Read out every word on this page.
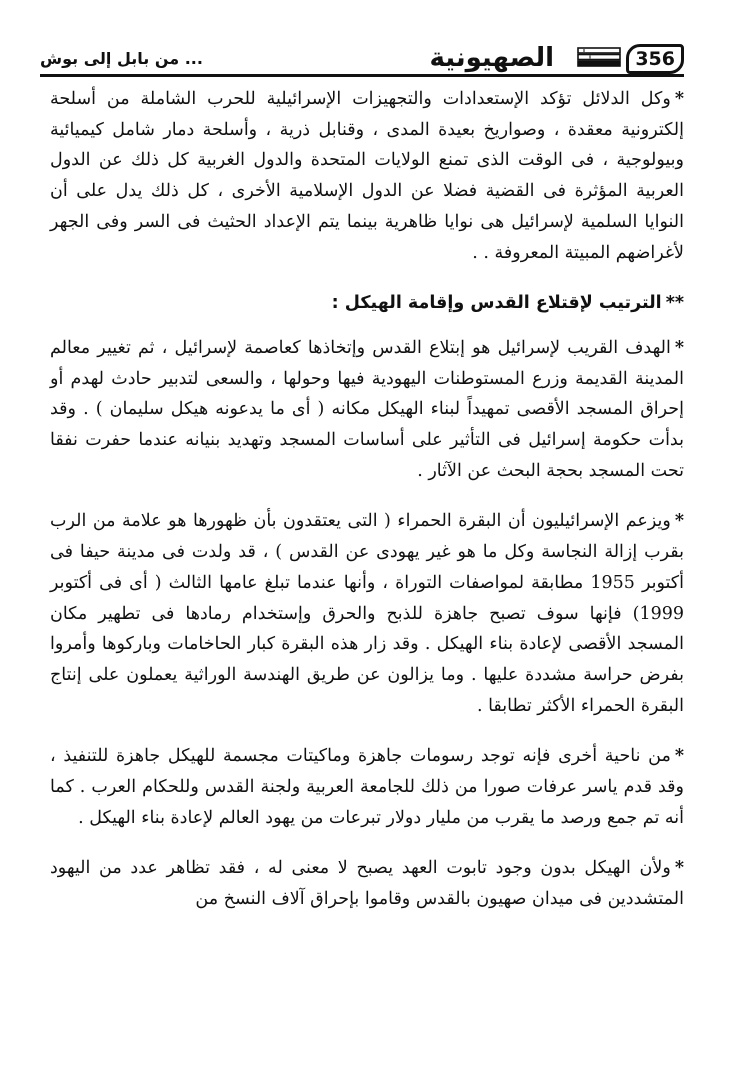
356
الصهيونية
... من بابل إلى بوش

*وكل الدلائل تؤكد الإستعدادات والتجهيزات الإسرائيلية للحرب الشاملة من أسلحة إلكترونية معقدة ، وصواريخ بعيدة المدى ، وقنابل ذرية ، وأسلحة دمار شامل كيميائية وبيولوجية ، فى الوقت الذى تمنع الولايات المتحدة والدول الغربية كل ذلك عن الدول العربية المؤثرة فى القضية فضلا عن الدول الإسلامية الأخرى ، كل ذلك يدل على أن النوايا السلمية لإسرائيل هى نوايا ظاهرية بينما يتم الإعداد الحثيث فى السر وفى الجهر لأغراضهم المبيتة المعروفة . .

**الترتيب لإقتلاع القدس وإقامة الهيكل :

*الهدف القريب لإسرائيل هو إبتلاع القدس وإتخاذها كعاصمة لإسرائيل ، ثم تغيير معالم المدينة القديمة وزرع المستوطنات اليهودية فيها وحولها ، والسعى لتدبير حادث لهدم أو إحراق المسجد الأقصى تمهيداً لبناء الهيكل مكانه ( أى ما يدعونه هيكل سليمان ) . وقد بدأت حكومة إسرائيل فى التأثير على أساسات المسجد وتهديد بنيانه عندما حفرت نفقا تحت المسجد بحجة البحث عن الآثار .

*ويزعم الإسرائيليون أن البقرة الحمراء ( التى يعتقدون بأن ظهورها هو علامة من الرب بقرب إزالة النجاسة وكل ما هو غير يهودى عن القدس ) ، قد ولدت فى مدينة حيفا فى أكتوبر 1955 مطابقة لمواصفات التوراة ، وأنها عندما تبلغ عامها الثالث ( أى فى أكتوبر 1999) فإنها سوف تصبح جاهزة للذبح والحرق وإستخدام رمادها فى تطهير مكان المسجد الأقصى لإعادة بناء الهيكل . وقد زار هذه البقرة كبار الحاخامات وباركوها وأمروا بفرض حراسة مشددة عليها . وما يزالون عن طريق الهندسة الوراثية يعملون على إنتاج البقرة الحمراء الأكثر تطابقا .

*من ناحية أخرى فإنه توجد رسومات جاهزة وماكيتات مجسمة للهيكل جاهزة للتنفيذ ، وقد قدم ياسر عرفات صورا من ذلك للجامعة العربية ولجنة القدس وللحكام العرب . كما أنه تم جمع ورصد ما يقرب من مليار دولار تبرعات من يهود العالم لإعادة بناء الهيكل .

*ولأن الهيكل بدون وجود تابوت العهد يصبح لا معنى له ، فقد تظاهر عدد من اليهود المتشددين فى ميدان صهيون بالقدس وقاموا بإحراق آلاف النسخ من
